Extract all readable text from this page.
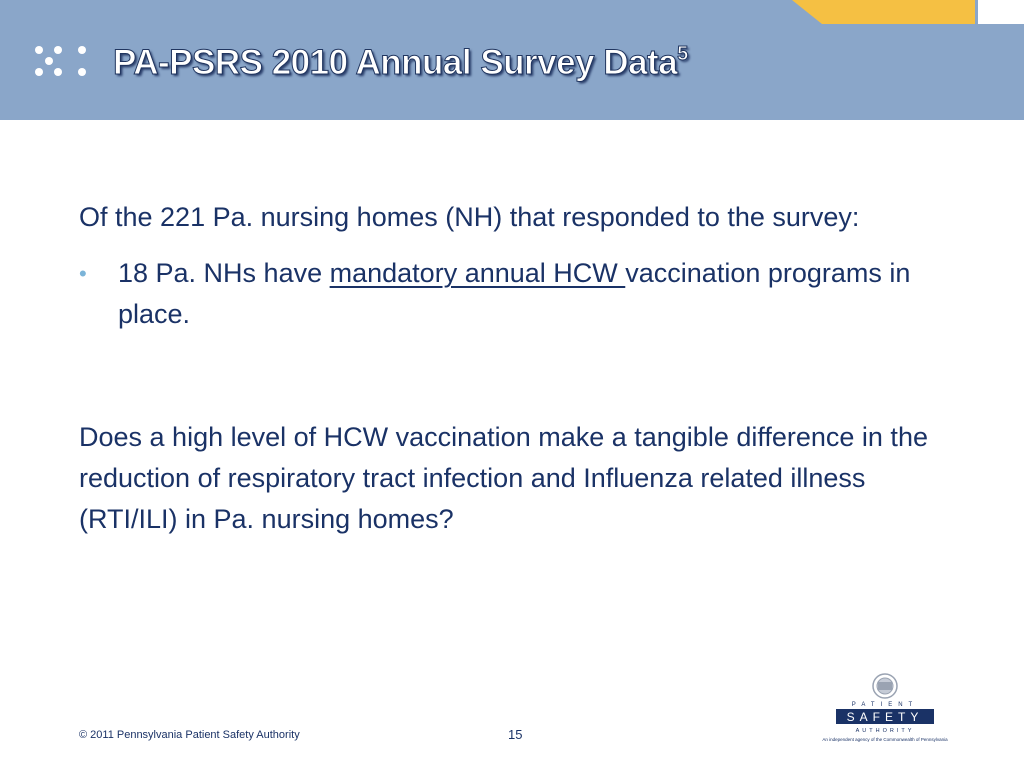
PA-PSRS 2010 Annual Survey Data$^5$

Of the 221 Pa. nursing homes (NH) that responded to the survey:

• 18 Pa. NHs have mandatory annual HCW vaccination programs in place.

Does a high level of HCW vaccination make a tangible difference in the reduction of respiratory tract infection and Influenza related illness (RTI/ILI) in Pa. nursing homes?

© 2011 Pennsylvania Patient Safety Authority	15
PATIENT
SAFETY
AUTHORITY
An independent agency of the Commonwealth of Pennsylvania
